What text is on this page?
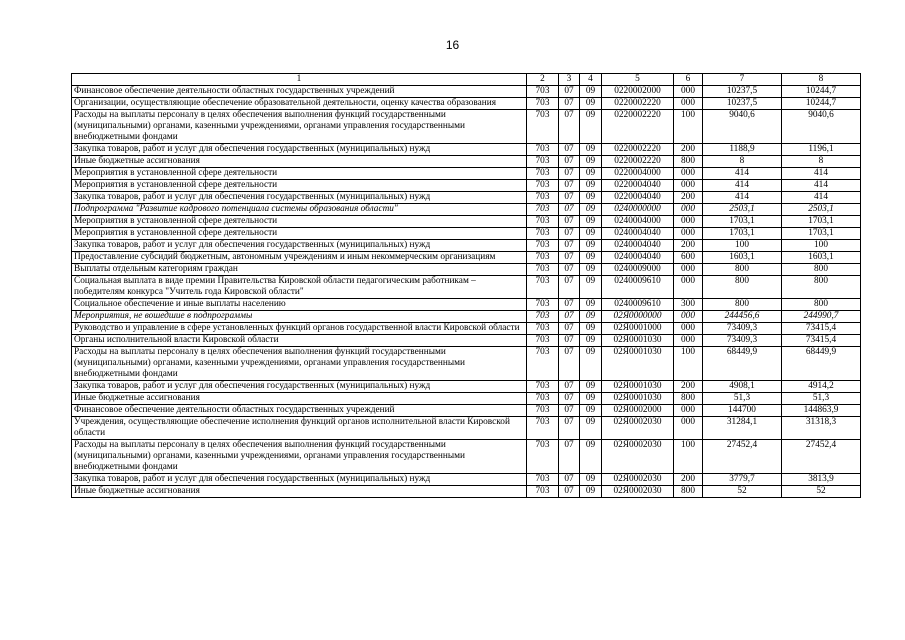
16
1	2	3	4	5	6	7	8
Финансовое обеспечение деятельности областных государственных учреждений	703	07	09	0220002000	000	10237,5	10244,7
Организации, осуществляющие обеспечение образовательной деятельности, оценку качества образования	703	07	09	0220002220	000	10237,5	10244,7
Расходы на выплаты персоналу в целях обеспечения выполнения функций государственными (муниципальными) органами, казенными учреждениями, органами управления государственными внебюджетными фондами	703	07	09	0220002220	100	9040,6	9040,6
Закупка товаров, работ и услуг для обеспечения государственных (муниципальных) нужд	703	07	09	0220002220	200	1188,9	1196,1
Иные бюджетные ассигнования	703	07	09	0220002220	800	8	8
Мероприятия в установленной сфере деятельности	703	07	09	0220004000	000	414	414
Мероприятия в установленной сфере деятельности	703	07	09	0220004040	000	414	414
Закупка товаров, работ и услуг для обеспечения государственных (муниципальных) нужд	703	07	09	0220004040	200	414	414
Подпрограмма "Развитие кадрового потенциала системы образования области"	703	07	09	0240000000	000	2503,1	2503,1
Мероприятия в установленной сфере деятельности	703	07	09	0240004000	000	1703,1	1703,1
Мероприятия в установленной сфере деятельности	703	07	09	0240004040	000	1703,1	1703,1
Закупка товаров, работ и услуг для обеспечения государственных (муниципальных) нужд	703	07	09	0240004040	200	100	100
Предоставление субсидий бюджетным, автономным учреждениям и иным некоммерческим организациям	703	07	09	0240004040	600	1603,1	1603,1
Выплаты отдельным категориям граждан	703	07	09	0240009000	000	800	800
Социальная выплата в виде премии Правительства Кировской области педагогическим работникам – победителям конкурса "Учитель года Кировской области"	703	07	09	0240009610	000	800	800
Социальное обеспечение и иные выплаты населению	703	07	09	0240009610	300	800	800
Мероприятия, не вошедшие в подпрограммы	703	07	09	02Я0000000	000	244456,6	244990,7
Руководство и управление в сфере установленных функций органов государственной власти Кировской области	703	07	09	02Я0001000	000	73409,3	73415,4
Органы исполнительной власти Кировской области	703	07	09	02Я0001030	000	73409,3	73415,4
Расходы на выплаты персоналу в целях обеспечения выполнения функций государственными (муниципальными) органами, казенными учреждениями, органами управления государственными внебюджетными фондами	703	07	09	02Я0001030	100	68449,9	68449,9
Закупка товаров, работ и услуг для обеспечения государственных (муниципальных) нужд	703	07	09	02Я0001030	200	4908,1	4914,2
Иные бюджетные ассигнования	703	07	09	02Я0001030	800	51,3	51,3
Финансовое обеспечение деятельности областных государственных учреждений	703	07	09	02Я0002000	000	144700	144863,9
Учреждения, осуществляющие обеспечение исполнения функций органов исполнительной власти Кировской области	703	07	09	02Я0002030	000	31284,1	31318,3
Расходы на выплаты персоналу в целях обеспечения выполнения функций государственными (муниципальными) органами, казенными учреждениями, органами управления государственными внебюджетными фондами	703	07	09	02Я0002030	100	27452,4	27452,4
Закупка товаров, работ и услуг для обеспечения государственных (муниципальных) нужд	703	07	09	02Я0002030	200	3779,7	3813,9
Иные бюджетные ассигнования	703	07	09	02Я0002030	800	52	52
